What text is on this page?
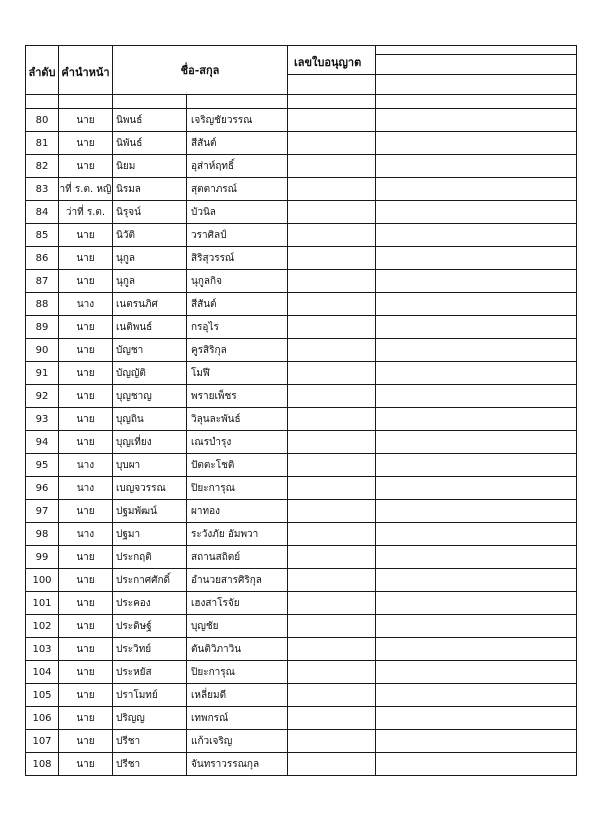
ลำดับ	คำนำหน้า	ชื่อ-สกุล		เลขใบอนุญาต	

80	นาย	นิพนธ์	เจริญชัยวรรณ		
81	นาย	นิพันธ์	สีสันต์		
82	นาย	นิยม	อุส่าห์ฤทธิ์		
83	าที่ ร.ต. หญิ	นิรมล	สุตตาภรณ์		
84	ว่าที่ ร.ต.	นิรุจน์	บัวนิล		
85	นาย	นิวัติ	วราศิลป์		
86	นาย	นุกูล	สิริสุวรรณ์		
87	นาย	นุกูล	นุกูลกิจ		
88	นาง	เนตรนภิศ	สีสันต์		
89	นาย	เนติพนธ์	กรอุไร		
90	นาย	บัญชา	คูรสิริกุล		
91	นาย	บัญญัติ	โมฬี		
92	นาย	บุญชาญ	พรายเพ็ชร		
93	นาย	บุญถิน	วิลุนละพันธ์		
94	นาย	บุญเที่ยง	เณรบำรุง		
95	นาง	บุบผา	ปัตตะโชติ		
96	นาง	เบญจวรรณ	ปิยะการุณ		
97	นาย	ปฐมพัฒน์	ผาทอง		
98	นาง	ปฐมา	ระวังภัย อัมพวา		
99	นาย	ประกฤติ	สถานสถิตย์		
100	นาย	ประกาศศักดิ์	อำนวยสารศิริกุล		
101	นาย	ประคอง	เฮงสาโรจัย		
102	นาย	ประดิษฐ์	บุญชัย		
103	นาย	ประวิทย์	ตันติวิภาวิน		
104	นาย	ประหยัส	ปิยะการุณ		
105	นาย	ปราโมทย์	เหลี่ยมดี		
106	นาย	ปริญญ	เทพกรณ์		
107	นาย	ปรีชา	แก้วเจริญ		
108	นาย	ปรีชา	จันทราวรรณกุล		
